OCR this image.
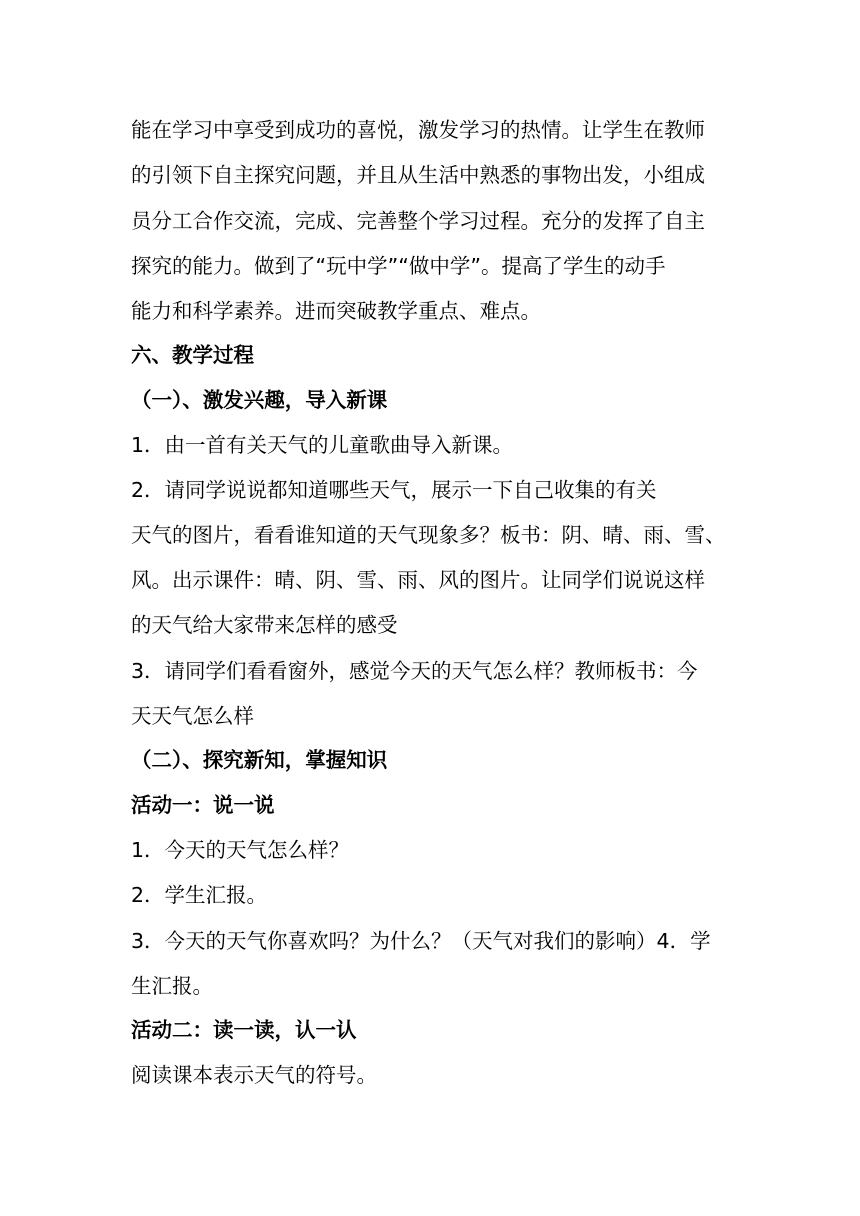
能在学习中享受到成功的喜悦，激发学习的热情。让学生在教师
的引领下自主探究问题，并且从生活中熟悉的事物出发，小组成
员分工合作交流，完成、完善整个学习过程。充分的发挥了自主
探究的能力。做到了“玩中学”“做中学”。提高了学生的动手
能力和科学素养。进而突破教学重点、难点。
六、教学过程
（一）、激发兴趣，导入新课
1．由一首有关天气的儿童歌曲导入新课。
2．请同学说说都知道哪些天气，展示一下自己收集的有关
天气的图片，看看谁知道的天气现象多？板书：阴、晴、雨、雪、
风。出示课件：晴、阴、雪、雨、风的图片。让同学们说说这样
的天气给大家带来怎样的感受
3．请同学们看看窗外，感觉今天的天气怎么样？教师板书：今
天天气怎么样
（二）、探究新知，掌握知识
活动一：说一说
1．今天的天气怎么样？
2．学生汇报。
3．今天的天气你喜欢吗？为什么？（天气对我们的影响）4．学
生汇报。
活动二：读一读，认一认
阅读课本表示天气的符号。
